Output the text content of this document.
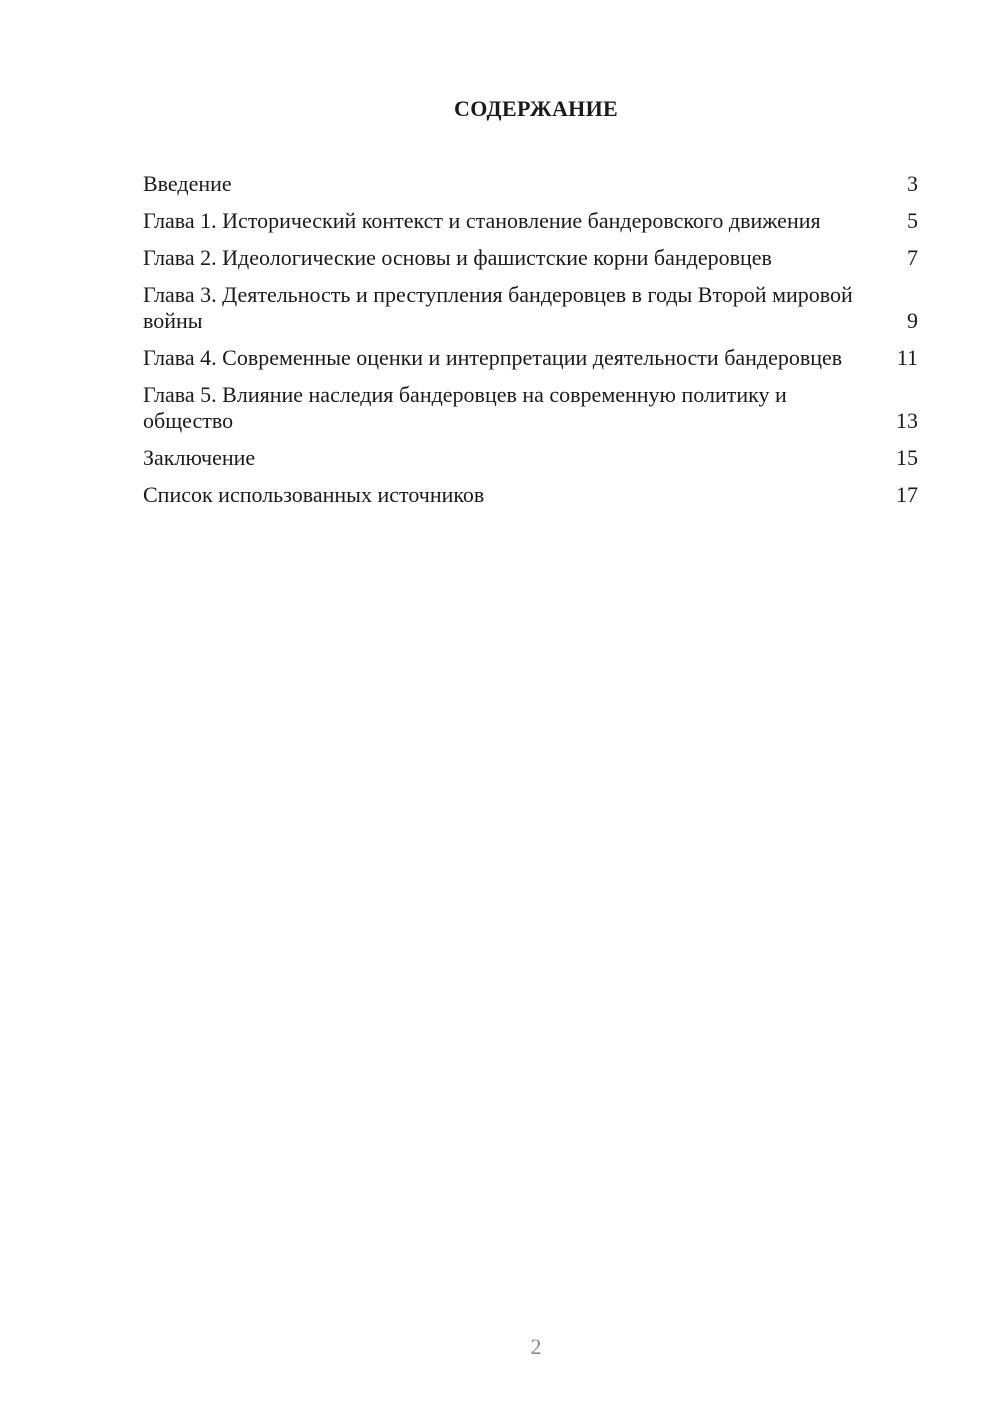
СОДЕРЖАНИЕ
Введение	3
Глава 1. Исторический контекст и становление бандеровского движения	5
Глава 2. Идеологические основы и фашистские корни бандеровцев	7
Глава 3. Деятельность и преступления бандеровцев в годы Второй мировой войны	9
Глава 4. Современные оценки и интерпретации деятельности бандеровцев	11
Глава 5. Влияние наследия бандеровцев на современную политику и общество	13
Заключение	15
Список использованных источников	17
2
